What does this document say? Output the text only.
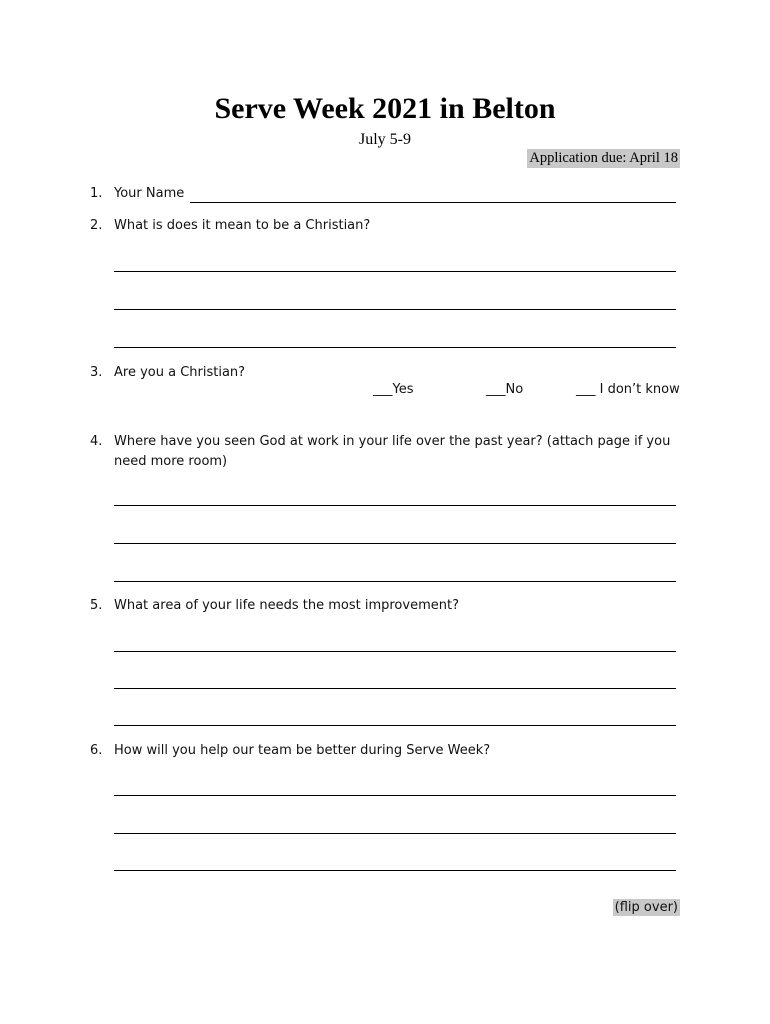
Serve Week 2021 in Belton
July 5-9
Application due: April 18
1. Your Name
2. What is does it mean to be a Christian?
3. Are you a Christian?
___Yes	___No	___ I don’t know
4. Where have you seen God at work in your life over the past year? (attach page if you need more room)
5. What area of your life needs the most improvement?
6. How will you help our team be better during Serve Week?
(flip over)
